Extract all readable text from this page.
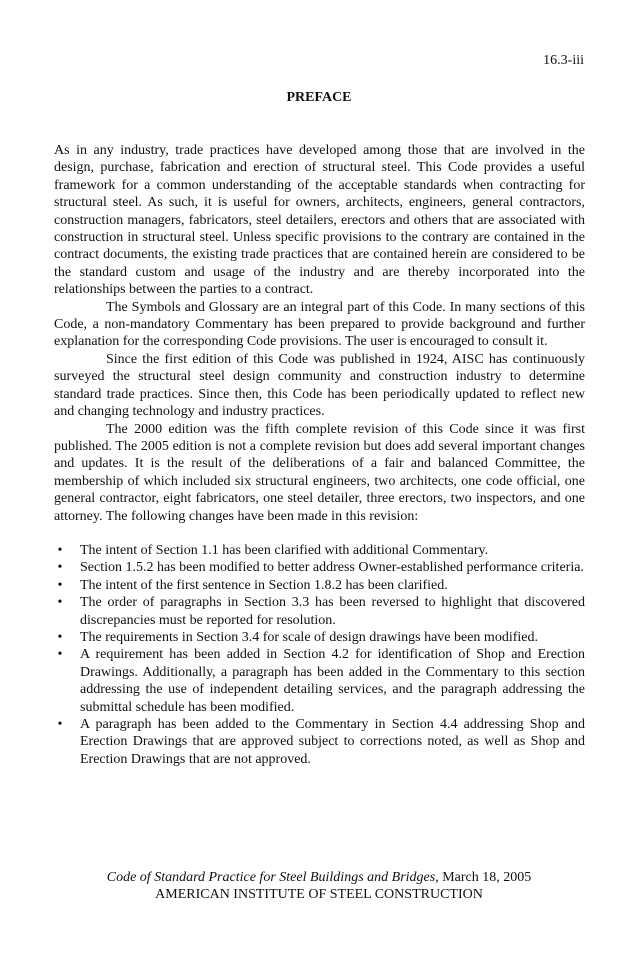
16.3-iii
PREFACE

As in any industry, trade practices have developed among those that are involved in the design, purchase, fabrication and erection of structural steel. This Code provides a useful framework for a common understanding of the acceptable standards when contracting for structural steel. As such, it is useful for owners, architects, engineers, general contractors, construction managers, fabricators, steel detailers, erectors and others that are associated with construction in structural steel. Unless specific provisions to the contrary are contained in the contract documents, the existing trade practices that are contained herein are considered to be the standard custom and usage of the industry and are thereby incorporated into the relationships between the parties to a contract.

The Symbols and Glossary are an integral part of this Code. In many sections of this Code, a non-mandatory Commentary has been prepared to provide background and further explanation for the corresponding Code provisions. The user is encouraged to consult it.

Since the first edition of this Code was published in 1924, AISC has continuously surveyed the structural steel design community and construction industry to determine standard trade practices. Since then, this Code has been periodically updated to reflect new and changing technology and industry practices.

The 2000 edition was the fifth complete revision of this Code since it was first published. The 2005 edition is not a complete revision but does add several important changes and updates. It is the result of the deliberations of a fair and balanced Committee, the membership of which included six structural engineers, two architects, one code official, one general contractor, eight fabricators, one steel detailer, three erectors, two inspectors, and one attorney. The following changes have been made in this revision:

• The intent of Section 1.1 has been clarified with additional Commentary.
• Section 1.5.2 has been modified to better address Owner-established performance criteria.
• The intent of the first sentence in Section 1.8.2 has been clarified.
• The order of paragraphs in Section 3.3 has been reversed to highlight that discovered discrepancies must be reported for resolution.
• The requirements in Section 3.4 for scale of design drawings have been modified.
• A requirement has been added in Section 4.2 for identification of Shop and Erection Drawings. Additionally, a paragraph has been added in the Commentary to this section addressing the use of independent detailing services, and the paragraph addressing the submittal schedule has been modified.
• A paragraph has been added to the Commentary in Section 4.4 addressing Shop and Erection Drawings that are approved subject to corrections noted, as well as Shop and Erection Drawings that are not approved.
Code of Standard Practice for Steel Buildings and Bridges, March 18, 2005
AMERICAN INSTITUTE OF STEEL CONSTRUCTION
